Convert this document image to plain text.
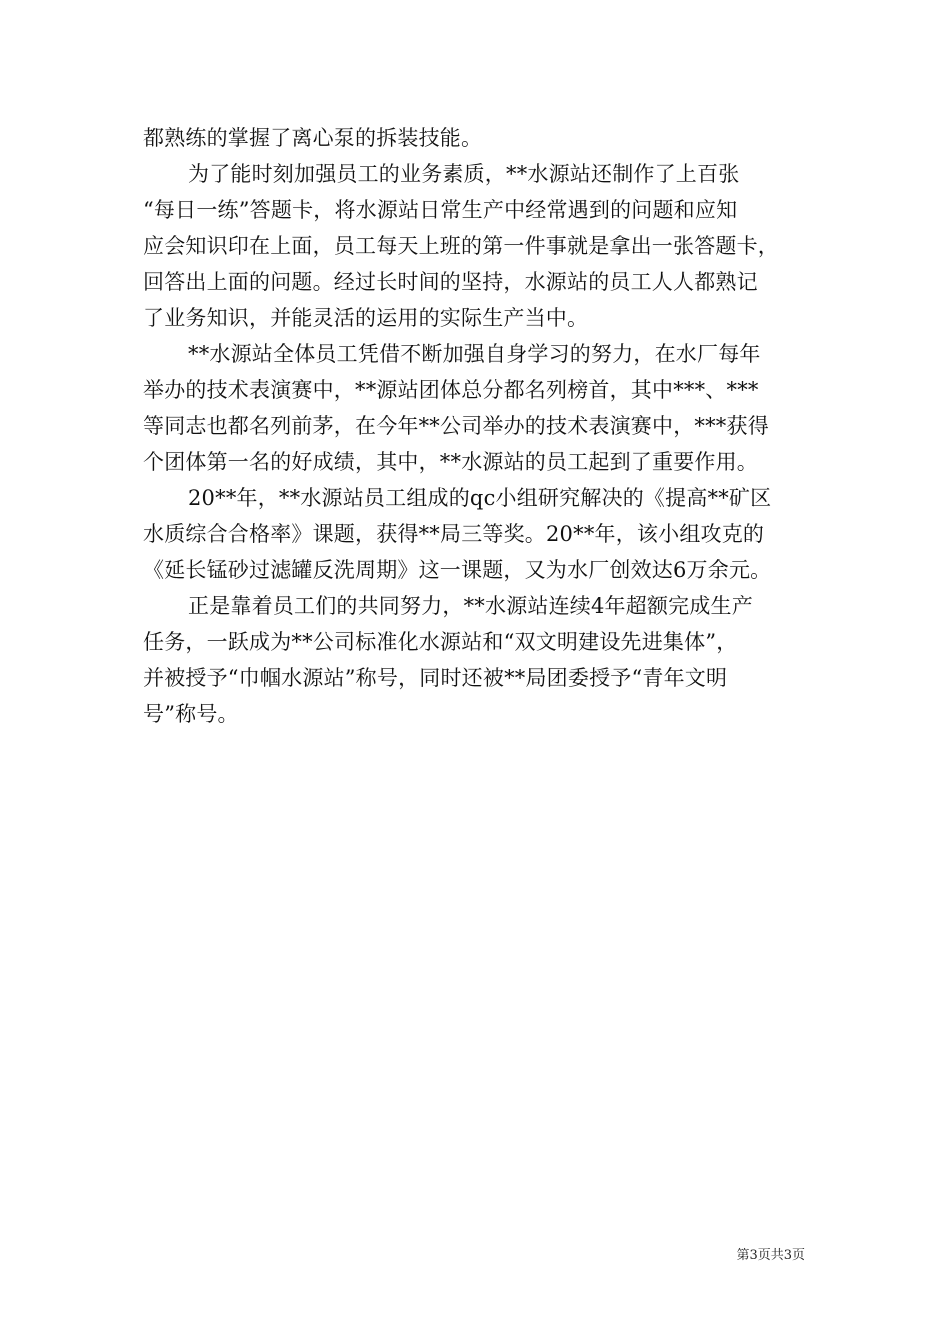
都熟练的掌握了离心泵的拆装技能。
为了能时刻加强员工的业务素质，**水源站还制作了上百张
“每日一练”答题卡，将水源站日常生产中经常遇到的问题和应知
应会知识印在上面，员工每天上班的第一件事就是拿出一张答题卡，
回答出上面的问题。经过长时间的坚持，水源站的员工人人都熟记
了业务知识，并能灵活的运用的实际生产当中。
**水源站全体员工凭借不断加强自身学习的努力，在水厂每年
举办的技术表演赛中，**源站团体总分都名列榜首，其中***、***
等同志也都名列前茅，在今年**公司举办的技术表演赛中，***获得
个团体第一名的好成绩，其中，**水源站的员工起到了重要作用。
20**年，**水源站员工组成的qc小组研究解决的《提高**矿区
水质综合合格率》课题，获得**局三等奖。20**年，该小组攻克的
《延长锰砂过滤罐反洗周期》这一课题，又为水厂创效达6万余元。
正是靠着员工们的共同努力，**水源站连续4年超额完成生产
任务，一跃成为**公司标准化水源站和“双文明建设先进集体”，
并被授予“巾帼水源站”称号，同时还被**局团委授予“青年文明
号”称号。
第3页共3页
